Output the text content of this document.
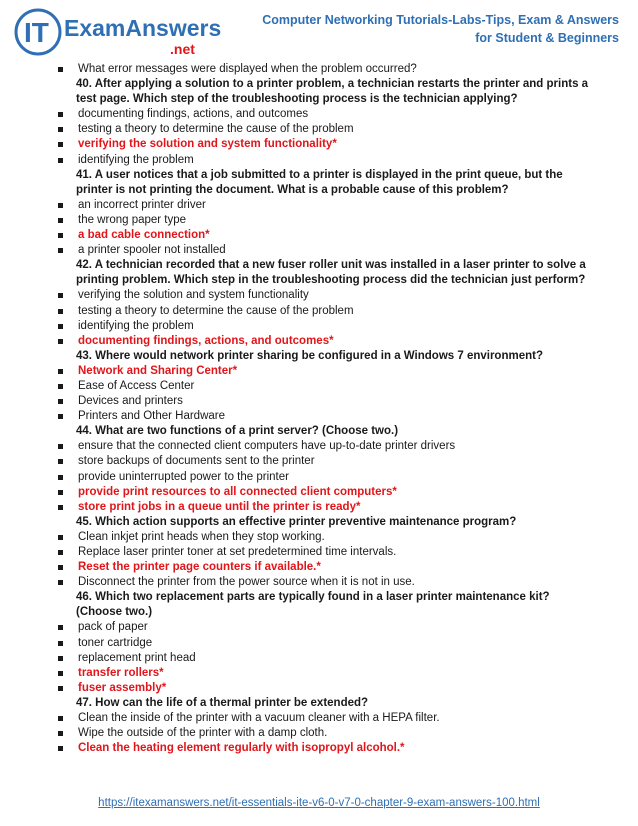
IT ExamAnswers
.net
Computer Networking Tutorials-Labs-Tips, Exam & Answers
for Student & Beginners
What error messages were displayed when the problem occurred?
40. After applying a solution to a printer problem, a technician restarts the printer and prints a
test page. Which step of the troubleshooting process is the technician applying?
documenting findings, actions, and outcomes
testing a theory to determine the cause of the problem
verifying the solution and system functionality*
identifying the problem
41. A user notices that a job submitted to a printer is displayed in the print queue, but the
printer is not printing the document. What is a probable cause of this problem?
an incorrect printer driver
the wrong paper type
a bad cable connection*
a printer spooler not installed
42. A technician recorded that a new fuser roller unit was installed in a laser printer to solve a
printing problem. Which step in the troubleshooting process did the technician just perform?
verifying the solution and system functionality
testing a theory to determine the cause of the problem
identifying the problem
documenting findings, actions, and outcomes*
43. Where would network printer sharing be configured in a Windows 7 environment?
Network and Sharing Center*
Ease of Access Center
Devices and printers
Printers and Other Hardware
44. What are two functions of a print server? (Choose two.)
ensure that the connected client computers have up-to-date printer drivers
store backups of documents sent to the printer
provide uninterrupted power to the printer
provide print resources to all connected client computers*
store print jobs in a queue until the printer is ready*
45. Which action supports an effective printer preventive maintenance program?
Clean inkjet print heads when they stop working.
Replace laser printer toner at set predetermined time intervals.
Reset the printer page counters if available.*
Disconnect the printer from the power source when it is not in use.
46. Which two replacement parts are typically found in a laser printer maintenance kit?
(Choose two.)
pack of paper
toner cartridge
replacement print head
transfer rollers*
fuser assembly*
47. How can the life of a thermal printer be extended?
Clean the inside of the printer with a vacuum cleaner with a HEPA filter.
Wipe the outside of the printer with a damp cloth.
Clean the heating element regularly with isopropyl alcohol.*
https://itexamanswers.net/it-essentials-ite-v6-0-v7-0-chapter-9-exam-answers-100.html
